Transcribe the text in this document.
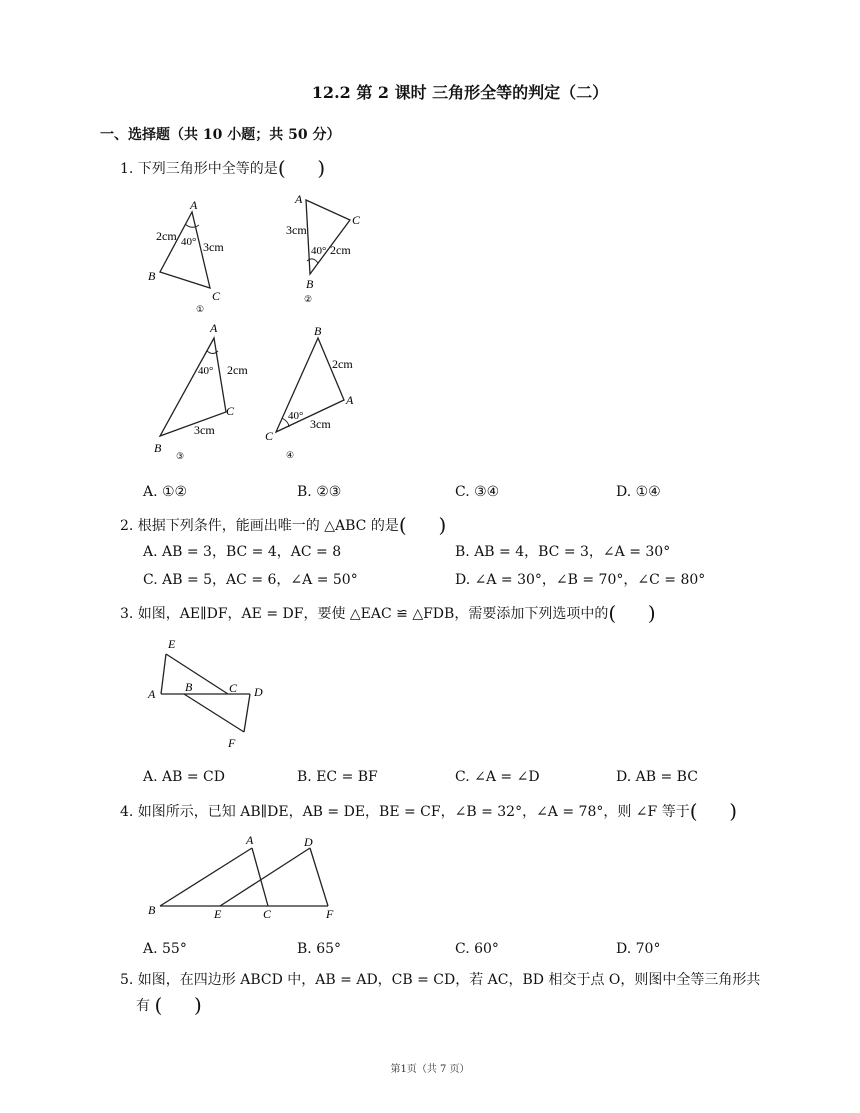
12.2 第 2 课时 三角形全等的判定（二）
一、选择题（共 10 小题；共 50 分）
1. 下列三角形中全等的是(     )
A
B
C
2cm
3cm
40°
①
A
C
B
3cm
2cm
40°
②
A
B
C
2cm
3cm
40°
③
B
A
C
2cm
3cm
40°
④
A. ①②	B. ②③	C. ③④	D. ①④
2. 根据下列条件，能画出唯一的 △ABC 的是(     )
A. AB = 3，BC = 4，AC = 8	B. AB = 4，BC = 3，∠A = 30°
C. AB = 5，AC = 6，∠A = 50°	D. ∠A = 30°，∠B = 70°，∠C = 80°
3. 如图，AE∥DF，AE = DF，要使 △EAC ≌ △FDB，需要添加下列选项中的(     )
E
A B	C D
F
A. AB = CD	B. EC = BF	C. ∠A = ∠D	D. AB = BC
4. 如图所示，已知 AB∥DE，AB = DE，BE = CF，∠B = 32°，∠A = 78°，则 ∠F 等于(     )
A	D
B	E	C	F
A. 55°	B. 65°	C. 60°	D. 70°
5. 如图，在四边形 ABCD 中，AB = AD，CB = CD，若 AC，BD 相交于点 O，则图中全等三角形共
有 (     )
第1页（共 7 页）
